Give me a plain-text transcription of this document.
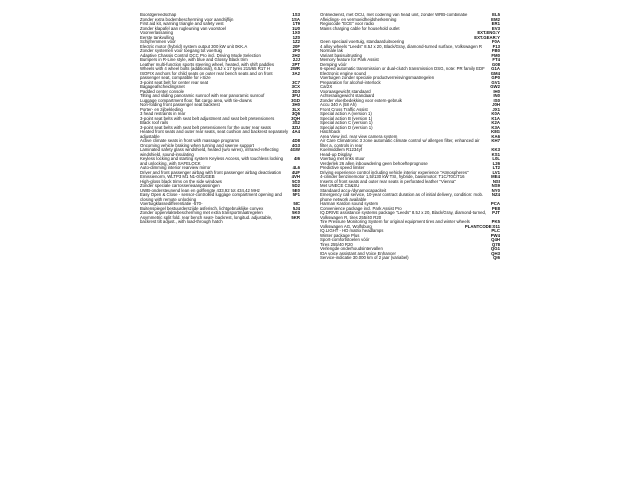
Boordgereedschap	1S3
Zonder extra bodembescherming voor aandrijflijn	1SA
First aid kit, warning triangle and safety vest	1T9
Zonder klapafel aan rugleuning van voorstoel	1U0
Voorverlassaning	1X0
Eerste tankvulling	1Z0
Schijfremmen vóór	1Z2
Electric motor (hybrid) system output 300 kW unit 0KK.A	20F
Zonder systemen voor toegang tot voertuig	2F0
Adaptive Chassis Control DCC Pro incl. Driving Mode Selection	2H2
Bumpers in R-Line style, with blue and Glossy Black trim	2JJ
Leather multi-function sports steering wheel, heated, with shift paddles	2PT
Wheels with 4 wheel bolts (additional), 6.5J x 17 tyres 215/65 R17 H	2WR
ISOFIX anchors for child seats on outer rear bench seats and on front passenger seat, compatible for i-Size
3A2
3-point seat belt for center rear seat	3C7
Bagageafscheidingsnet	3CX
Padded center console	3D3
Tilting and sliding panoramic sunroof with rear panoramic sunroof	3FU
Luggage compartment floor, flat cargo area, with tie-downs	3GD
Non-folding front passenger seat backrest	3H0
Porter- en zijbekleding	3LX
3 head restraints in rear	3Q6
3-point seat belts with seat belt adjustment and seat belt pretensioners	3QH
Black roof rails	3S2
3-point seat belts with seat belt pretensioners for the outer rear seats	3ZU
Heated front seats and outer rear seats, seat cushion and backrest separately adjustable
4A4
Active climate seats in front with massage programs	4D8
Oncoming vehicle braking when turning and swerve support	4G3
Laminated safety glass windshield, heated (w/o wires), infrared-reflecting windshield, sound-insulating
4GW
Keyless locking and starting system Keyless Access, with touchless locking and unlocking, with SAFELOCK
4I6
Auto-dimming interior rearview mirror	4L6
Driver and front passenger airbag with front passenger airbag deactivation	4UF
Emissienorm, WLTP3 M1 N1-0/3UGEB	4VH
High-gloss black trims on the side windows	5C0
Zonder speciale carrosserieaanpassingen	5D2
UWB-ondersteunend lean en golflengte 433,92 tot 434,42 MHz	5E0
Easy Open & Close - sensor-controlled luggage compartment opening and closing with remote unlocking
5F1
Voertuigklassedifferentiatie -570-	5IC
Buitenspiegel bestuurderszijde asferisch, lichtgebruiklijke convex	5J4
Zonder oppervlaktebescherming met extra transportmaatregelen	5K0
Asymmetric split fold. rear bench seat+ backrest, longitud. adjustable, backrest tilt adjust., with load-through hatch
5KR
Onlinedienst, met OCU, met codering van head unit, zonder WRB-combinatie	EL5
Afleidings- en vermoeidheidsherkenning	EM2
Regiocode "ECE" voor radio	ER1
Mains charging cable for household outlet	EV3
EXT.ENG:Y
EXT.GEAR:Y
Geen speciaal voertuig, standaarduitvoering	F0A
4 alloy wheels "Leeds" 8.5J x 20, Black/Gray, diamond-turned surface, Volkswagen R	F13
Normale lak	FB0
Variant basisuitrusting	FM0
Memory feature for Park Assist	FT4
Demping vóór	G08
6-speed automatic transmission or dual-clutch transmission DSG, note: PR family EDF	G1A
Electronic engine sound	GM4
Voertuigen zonder speciale productverreisvingsmaatregelen	GP0
Preparation for alcohol-interlock	GV1
Car2X	GW2
Vooraasgewicht standaard	IH0
Achteraasgewicht standaard	IN0
Zonder vloerbedekking voor extern-gebruik	IS0
Accu 340 A (58 Ah)	J0H
Front Cross Traffic Assist	JX1
Special action A (version 1)	K0A
Special action B (version 1)	K1A
Special action C (version 1)	K2A
Special action D (version 1)	K3A
Hatchback	K8G
Area View incl. rear view camera system	KA6
Air Care Climatronic 3 zone automatic climate control w/ allergen filter, enhanced air filter a. controls in rear
KH7
Koelmiddlem R1234yf	KK3
Head-up Display	KS1
Voertuig met links stuur	L0L
Verderlek 26 allen inbouwdering geen behoefteprognose	L26
Predictive speed limiter	LT2
Driving experience control including vehicle interior experience "Atmospheres"	LV1
4-cilinder benzinemotor 1,5l/130 kW TSI, hybride, basismotor: T1C/T0C/T16	ME4
Inserts of front seats and outer rear seats in perforated leather "Vienna"	NSI
Met UNECE CS&SU	NS9
Standaard accu-/dynamocapaciteit	NY0
Emergency call service, 10-year contract duration as of initial delivery, condition: mob. phone network available
NZ4
Harman Kardon sound system	PCA
Convenience package incl. Park Assist Pro	PE8
IQ.DRIVE assistance systems package "Leeds" 8.5J x 20, Black/Gray, diamond-turned, Volkswagen R, tires 255/40 R20
PJT
Tire Pressure Monitoring System for original equipment tires and winter wheels	PK5
Volkswagen AG, Wolfsburg	PLANTCODE:011
IQ.LIGHT - HD matrix headlamps	PLC
Winter package Plus	PW4
Sport-comfortstoelen vóór	Q4H
Tires 255/40 R20	Q78
Verlengde onderhoudsintervallen	QG1
IDA voice assistant and Voice Enhancer	QH3
Service-indicatie 30.000 km of 2 jaar (variabel)	QI6
